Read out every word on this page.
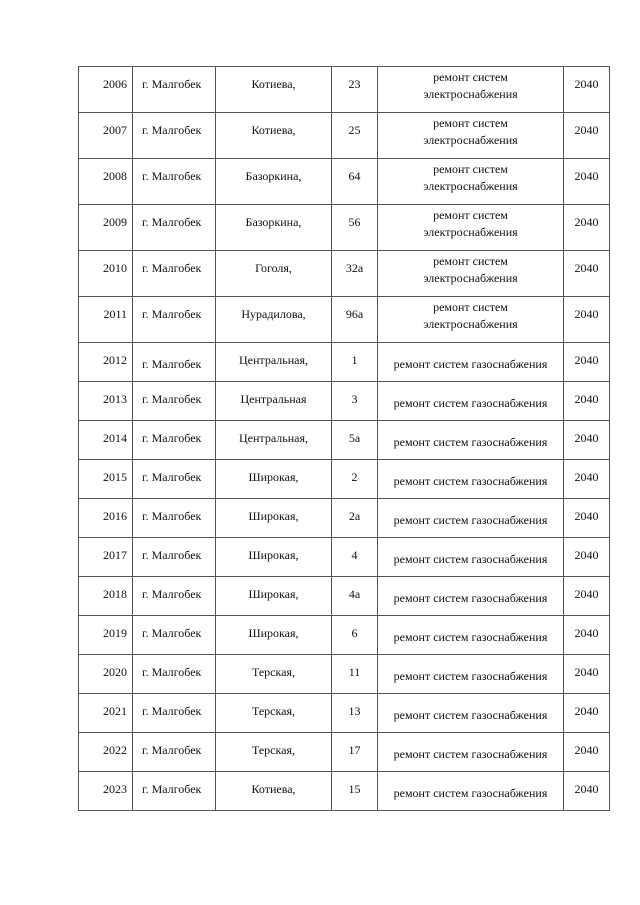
2006	г. Малгобек	Котиева,	23	ремонт систем
электроснабжения	2040

2007	г. Малгобек	Котиева,	25	ремонт систем
электроснабжения	2040

2008	г. Малгобек	Базоркина,	64	ремонт систем
электроснабжения	2040

2009	г. Малгобек	Базоркина,	56	ремонт систем
электроснабжения	2040

2010	г. Малгобек	Гоголя,	32а	ремонт систем
электроснабжения	2040

2011	г. Малгобек	Нурадилова,	96а	ремонт систем
электроснабжения	2040

2012	г. Малгобек	Центральная,	1	ремонт систем газоснабжения	2040

2013	г. Малгобек	Центральная	3	ремонт систем газоснабжения	2040

2014	г. Малгобек	Центральная,	5а	ремонт систем газоснабжения	2040

2015	г. Малгобек	Широкая,	2	ремонт систем газоснабжения	2040

2016	г. Малгобек	Широкая,	2а	ремонт систем газоснабжения	2040

2017	г. Малгобек	Широкая,	4	ремонт систем газоснабжения	2040

2018	г. Малгобек	Широкая,	4а	ремонт систем газоснабжения	2040

2019	г. Малгобек	Широкая,	6	ремонт систем газоснабжения	2040

2020	г. Малгобек	Терская,	11	ремонт систем газоснабжения	2040

2021	г. Малгобек	Терская,	13	ремонт систем газоснабжения	2040

2022	г. Малгобек	Терская,	17	ремонт систем газоснабжения	2040

2023	г. Малгобек	Котиева,	15	ремонт систем газоснабжения	2040
